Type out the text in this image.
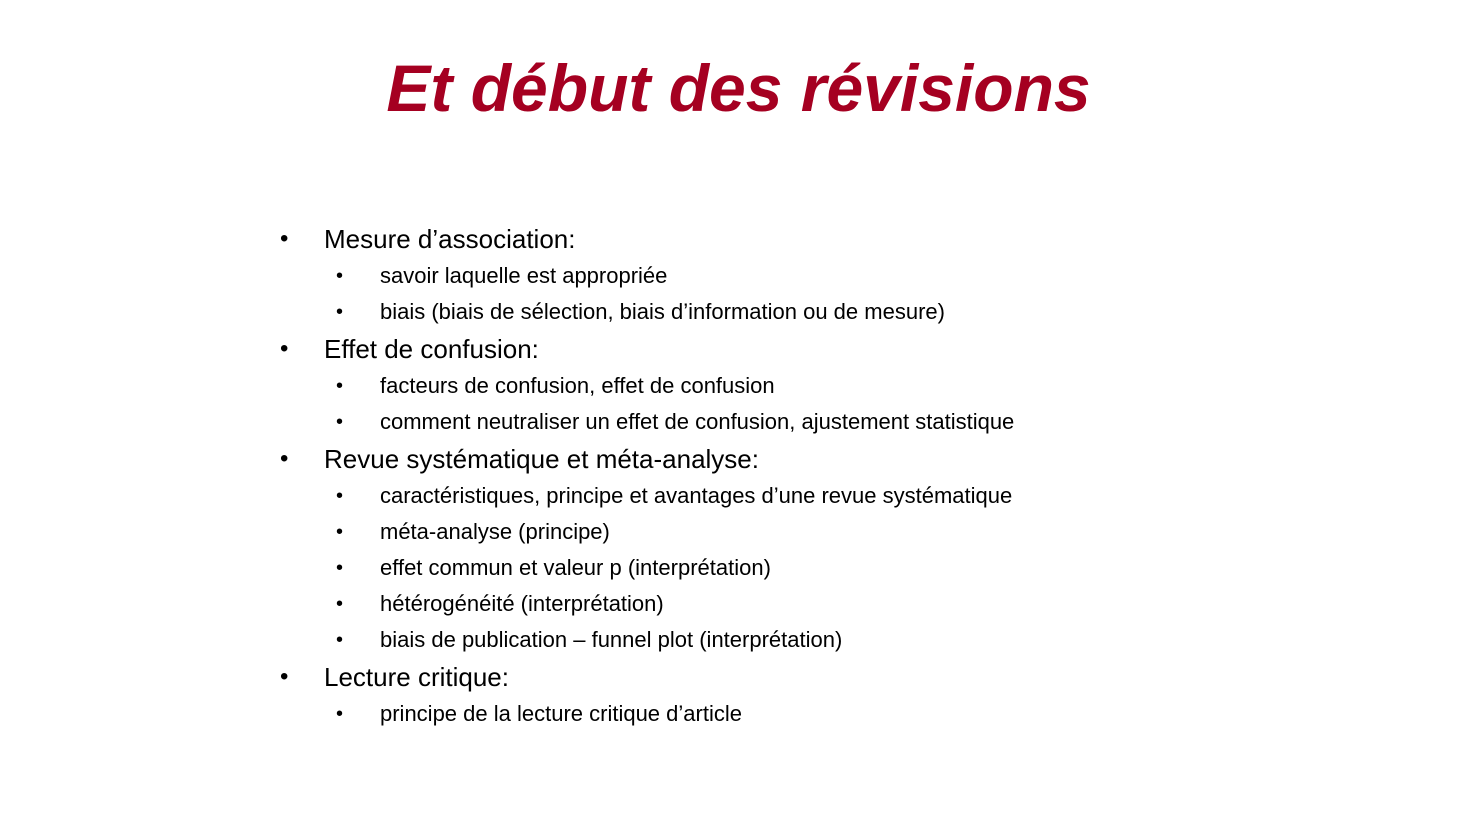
Et début des révisions
• Mesure d’association:
• savoir laquelle est appropriée
• biais (biais de sélection, biais d’information ou de mesure)
• Effet de confusion:
• facteurs de confusion, effet de confusion
• comment neutraliser un effet de confusion, ajustement statistique
• Revue systématique et méta-analyse:
• caractéristiques, principe et avantages d’une revue systématique
• méta-analyse (principe)
• effet commun et valeur p (interprétation)
• hétérogénéité (interprétation)
• biais de publication – funnel plot (interprétation)
• Lecture critique:
• principe de la lecture critique d’article
